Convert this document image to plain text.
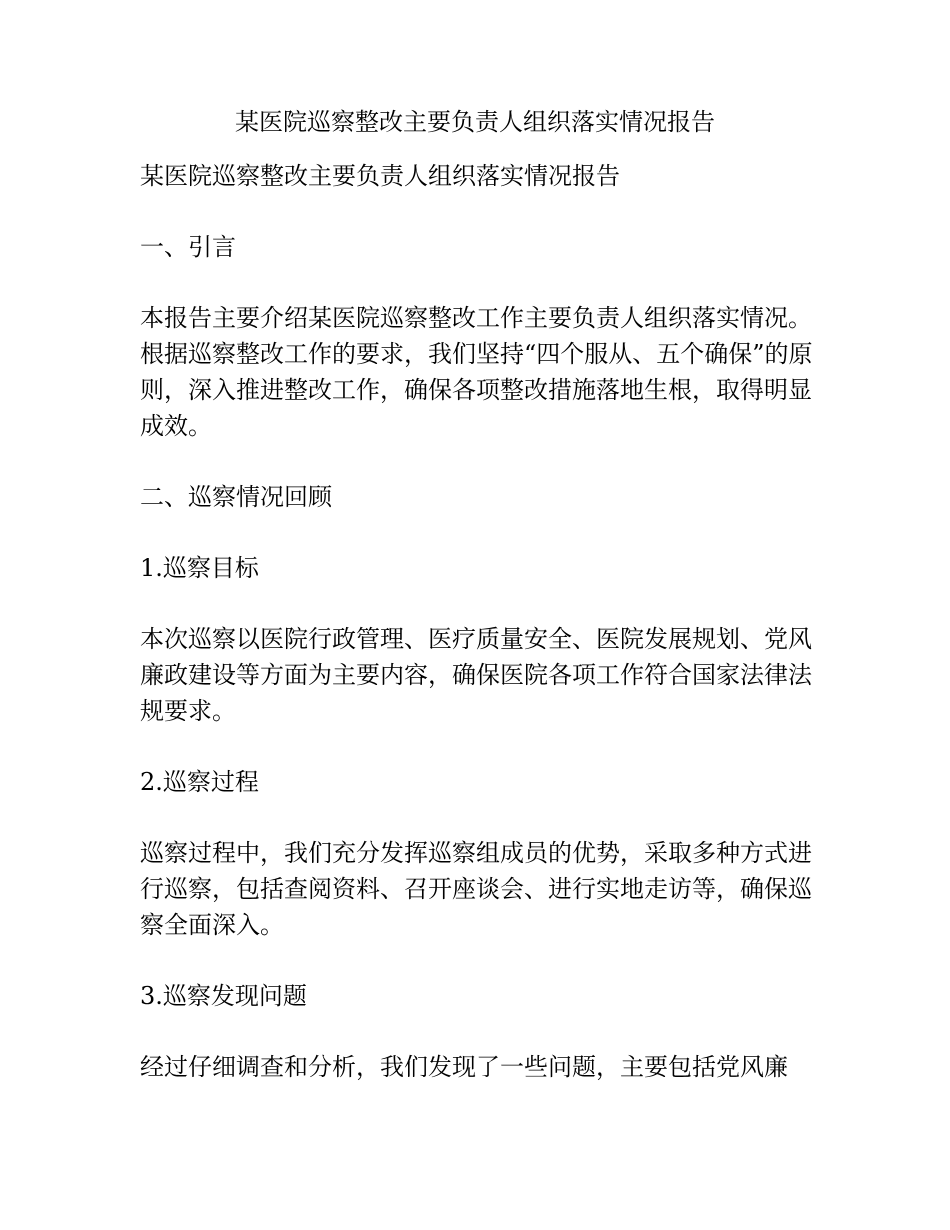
某医院巡察整改主要负责人组织落实情况报告

某医院巡察整改主要负责人组织落实情况报告

一、引言

本报告主要介绍某医院巡察整改工作主要负责人组织落实情况。根据巡察整改工作的要求，我们坚持“四个服从、五个确保”的原则，深入推进整改工作，确保各项整改措施落地生根，取得明显成效。

二、巡察情况回顾

1.巡察目标

本次巡察以医院行政管理、医疗质量安全、医院发展规划、党风廉政建设等方面为主要内容，确保医院各项工作符合国家法律法规要求。

2.巡察过程

巡察过程中，我们充分发挥巡察组成员的优势，采取多种方式进行巡察，包括查阅资料、召开座谈会、进行实地走访等，确保巡察全面深入。

3.巡察发现问题

经过仔细调查和分析，我们发现了一些问题，主要包括党风廉
